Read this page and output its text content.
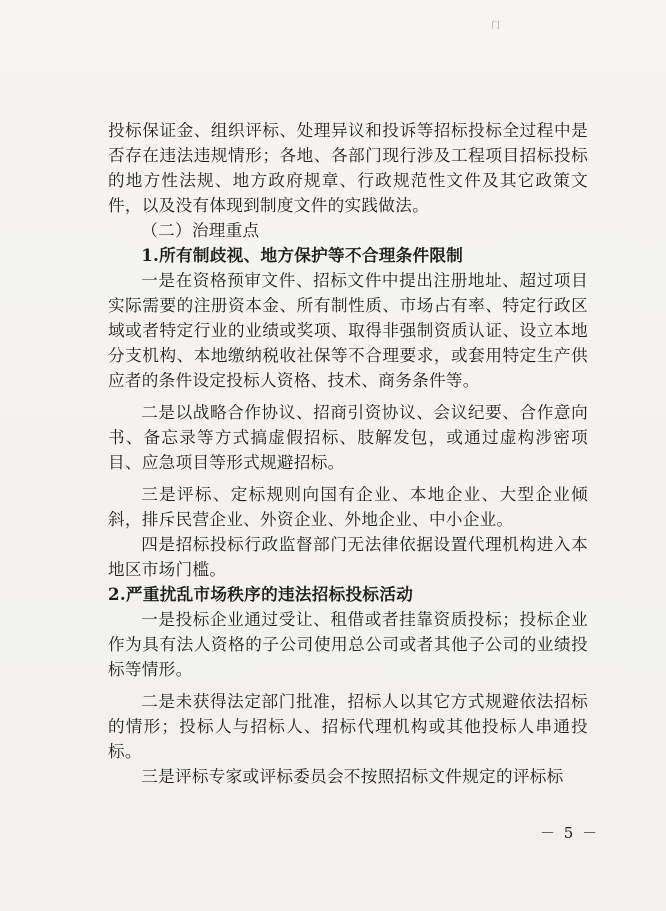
门

投标保证金、组织评标、处理异议和投诉等招标投标全过程中是否存在违法违规情形；各地、各部门现行涉及工程项目招标投标的地方性法规、地方政府规章、行政规范性文件及其它政策文件，以及没有体现到制度文件的实践做法。

（二）治理重点

1.所有制歧视、地方保护等不合理条件限制

一是在资格预审文件、招标文件中提出注册地址、超过项目实际需要的注册资本金、所有制性质、市场占有率、特定行政区域或者特定行业的业绩或奖项、取得非强制资质认证、设立本地分支机构、本地缴纳税收社保等不合理要求，或套用特定生产供应者的条件设定投标人资格、技术、商务条件等。

二是以战略合作协议、招商引资协议、会议纪要、合作意向书、备忘录等方式搞虚假招标、肢解发包，或通过虚构涉密项目、应急项目等形式规避招标。

三是评标、定标规则向国有企业、本地企业、大型企业倾斜，排斥民营企业、外资企业、外地企业、中小企业。

四是招标投标行政监督部门无法律依据设置代理机构进入本地区市场门槛。

2.严重扰乱市场秩序的违法招标投标活动

一是投标企业通过受让、租借或者挂靠资质投标；投标企业作为具有法人资格的子公司使用总公司或者其他子公司的业绩投标等情形。

二是未获得法定部门批准，招标人以其它方式规避依法招标的情形；投标人与招标人、招标代理机构或其他投标人串通投标。

三是评标专家或评标委员会不按照招标文件规定的评标标

－ 5 －
